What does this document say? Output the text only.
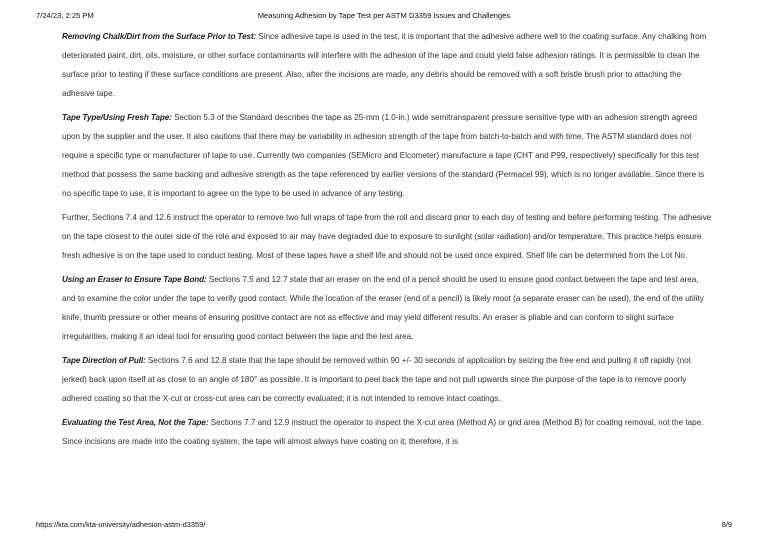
7/24/23, 2:25 PM	Measuring Adhesion by Tape Test per ASTM D3359 Issues and Challenges

Removing Chalk/Dirt from the Surface Prior to Test: Since adhesive tape is used in the test, it is important that the adhesive adhere well to the coating surface. Any chalking from deteriorated paint, dirt, oils, moisture, or other surface contaminants will interfere with the adhesion of the tape and could yield false adhesion ratings. It is permissible to clean the surface prior to testing if these surface conditions are present. Also, after the incisions are made, any debris should be removed with a soft bristle brush prior to attaching the adhesive tape.

Tape Type/Using Fresh Tape: Section 5.3 of the Standard describes the tape as 25-mm (1.0-in.) wide semitransparent pressure sensitive type with an adhesion strength agreed upon by the supplier and the user. It also cautions that there may be variability in adhesion strength of the tape from batch-to-batch and with time. The ASTM standard does not require a specific type or manufacturer of tape to use. Currently two companies (SEMicro and Elcometer) manufacture a tape (CHT and P99, respectively) specifically for this test method that possess the same backing and adhesive strength as the tape referenced by earlier versions of the standard (Permacel 99), which is no longer available. Since there is no specific tape to use, it is important to agree on the type to be used in advance of any testing.

Further, Sections 7.4 and 12.6 instruct the operator to remove two full wraps of tape from the roll and discard prior to each day of testing and before performing testing. The adhesive on the tape closest to the outer side of the role and exposed to air may have degraded due to exposure to sunlight (solar radiation) and/or temperature. This practice helps ensure fresh adhesive is on the tape used to conduct testing. Most of these tapes have a shelf life and should not be used once expired. Shelf life can be determined from the Lot No.

Using an Eraser to Ensure Tape Bond: Sections 7.5 and 12.7 state that an eraser on the end of a pencil should be used to ensure good contact between the tape and test area, and to examine the color under the tape to verify good contact. While the location of the eraser (end of a pencil) is likely moot (a separate eraser can be used), the end of the utility knife, thumb pressure or other means of ensuring positive contact are not as effective and may yield different results. An eraser is pliable and can conform to slight surface irregularities, making it an ideal tool for ensuring good contact between the tape and the test area.

Tape Direction of Pull: Sections 7.6 and 12.8 state that the tape should be removed within 90 +/- 30 seconds of application by seizing the free end and pulling it off rapidly (not jerked) back upon itself at as close to an angle of 180° as possible. It is important to peel back the tape and not pull upwards since the purpose of the tape is to remove poorly adhered coating so that the X-cut or cross-cut area can be correctly evaluated; it is not intended to remove intact coatings.

Evaluating the Test Area, Not the Tape: Sections 7.7 and 12.9 instruct the operator to inspect the X-cut area (Method A) or grid area (Method B) for coating removal, not the tape. Since incisions are made into the coating system, the tape will almost always have coating on it; therefore, it is

https://kta.com/kta-university/adhesion-astm-d3359/	8/9
